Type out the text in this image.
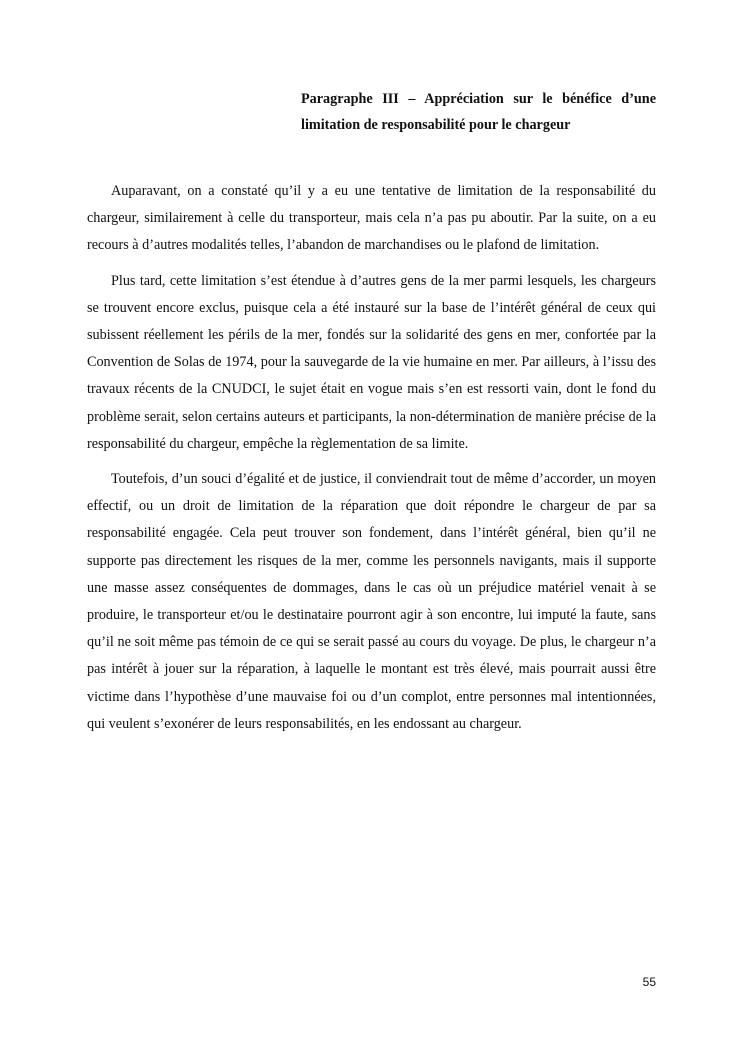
Paragraphe III – Appréciation sur le bénéfice d’une limitation de responsabilité pour le chargeur

Auparavant, on a constaté qu’il y a eu une tentative de limitation de la responsabilité du chargeur, similairement à celle du transporteur, mais cela n’a pas pu aboutir. Par la suite, on a eu recours à d’autres modalités telles, l’abandon de marchandises ou le plafond de limitation.

Plus tard, cette limitation s’est étendue à d’autres gens de la mer parmi lesquels, les chargeurs se trouvent encore exclus, puisque cela a été instauré sur la base de l’intérêt général de ceux qui subissent réellement les périls de la mer, fondés sur la solidarité des gens en mer, confortée par la Convention de Solas de 1974, pour la sauvegarde de la vie humaine en mer. Par ailleurs, à l’issu des travaux récents de la CNUDCI, le sujet était en vogue mais s’en est ressorti vain, dont le fond du problème serait, selon certains auteurs et participants, la non-détermination de manière précise de la responsabilité du chargeur, empêche la règlementation de sa limite.

Toutefois, d’un souci d’égalité et de justice, il conviendrait tout de même d’accorder, un moyen effectif, ou un droit de limitation de la réparation que doit répondre le chargeur de par sa responsabilité engagée. Cela peut trouver son fondement, dans l’intérêt général, bien qu’il ne supporte pas directement les risques de la mer, comme les personnels navigants, mais il supporte une masse assez conséquentes de dommages, dans le cas où un préjudice matériel venait à se produire, le transporteur et/ou le destinataire pourront agir à son encontre, lui imputé la faute, sans qu’il ne soit même pas témoin de ce qui se serait passé au cours du voyage. De plus, le chargeur n’a pas intérêt à jouer sur la réparation, à laquelle le montant est très élevé, mais pourrait aussi être victime dans l’hypothèse d’une mauvaise foi ou d’un complot, entre personnes mal intentionnées, qui veulent s’exonérer de leurs responsabilités, en les endossant au chargeur.

55
